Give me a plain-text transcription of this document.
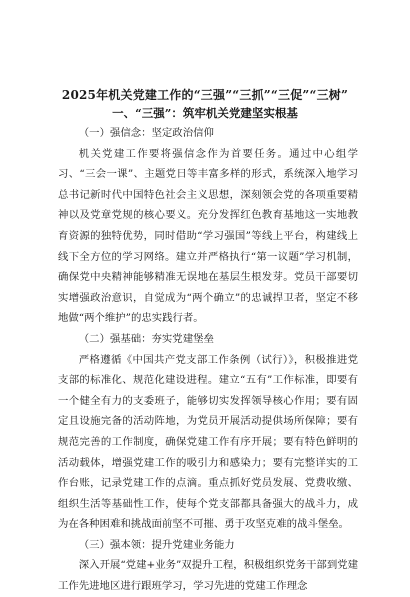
2025年机关党建工作的“三强”“三抓”“三促”“三树”
一、“三强”：筑牢机关党建坚实根基

（一）强信念：坚定政治信仰

机关党建工作要将强信念作为首要任务。通过中心组学习、“三会一课”、主题党日等丰富多样的形式，系统深入地学习总书记新时代中国特色社会主义思想，深刻领会党的各项重要精神以及党章党规的核心要义。充分发挥红色教育基地这一实地教育资源的独特优势，同时借助“学习强国”等线上平台，构建线上线下全方位的学习网络。建立并严格执行“第一议题”学习机制，确保党中央精神能够精准无误地在基层生根发芽。党员干部要切实增强政治意识，自觉成为“两个确立”的忠诚捍卫者，坚定不移地做“两个维护”的忠实践行者。

（二）强基础：夯实党建堡垒

严格遵循《中国共产党支部工作条例（试行）》，积极推进党支部的标准化、规范化建设进程。建立“五有”工作标准，即要有一个健全有力的支委班子，能够切实发挥领导核心作用；要有固定且设施完备的活动阵地，为党员开展活动提供场所保障；要有规范完善的工作制度，确保党建工作有序开展；要有特色鲜明的活动载体，增强党建工作的吸引力和感染力；要有完整详实的工作台账，记录党建工作的点滴。重点抓好党员发展、党费收缴、组织生活等基础性工作，使每个党支部都具备强大的战斗力，成为在各种困难和挑战面前坚不可摧、勇于攻坚克难的战斗堡垒。

（三）强本领：提升党建业务能力

深入开展“党建+业务”双提升工程，积极组织党务干部到党建工作先进地区进行跟班学习，学习先进的党建工作理念
